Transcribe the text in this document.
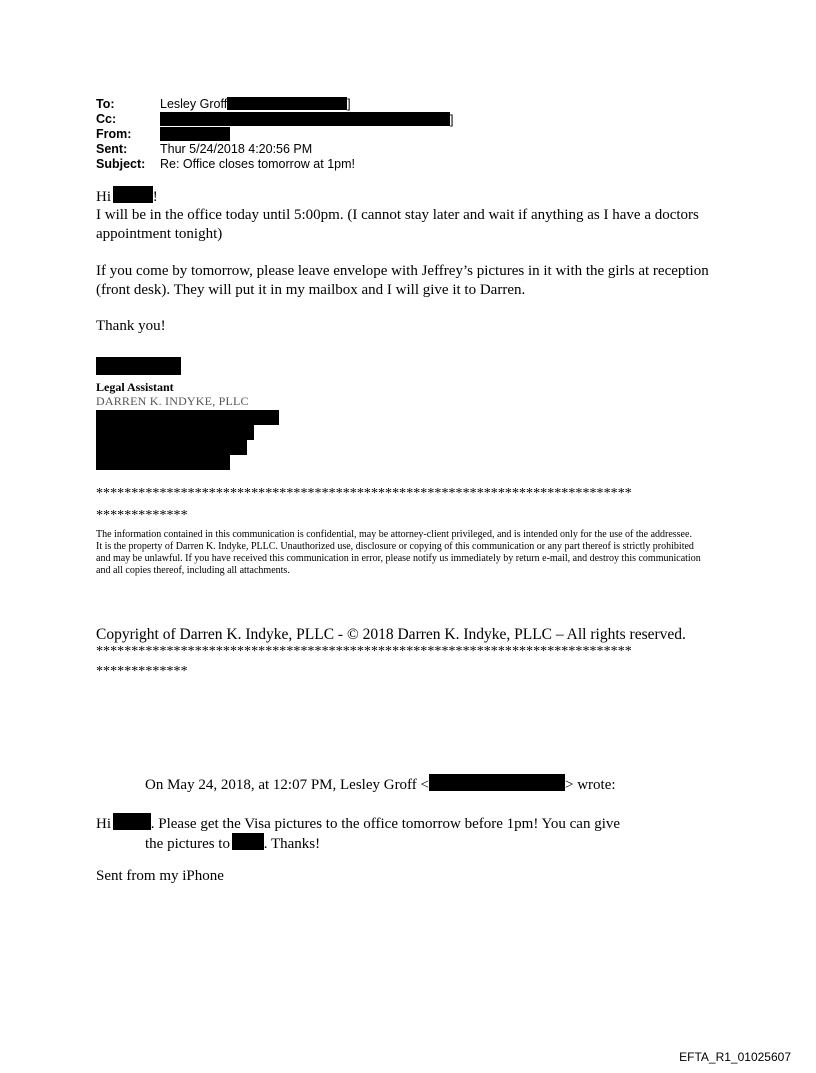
To:	Lesley Groff	]
Cc:	]
From:
Sent:	Thur 5/24/2018 4:20:56 PM
Subject: Re: Office closes tomorrow at 1pm!
Hi	!
I will be in the office today until 5:00pm. (I cannot stay later and wait if anything as I have a doctors appointment tonight)
If you come by tomorrow, please leave envelope with Jeffrey’s pictures in it with the girls at reception (front desk). They will put it in my mailbox and I will give it to Darren.
Thank you!
Legal Assistant
DARREN K. INDYKE, PLLC
****************************************************************************
*************

The information contained in this communication is confidential, may be attorney-client privileged, and is intended only for the use of the addressee.

It is the property of Darren K. Indyke, PLLC. Unauthorized use, disclosure or copying of this communication or any part thereof is strictly prohibited

and may be unlawful. If you have received this communication in error, please notify us immediately by return e-mail, and destroy this communication

and all copies thereof, including all attachments.

Copyright of Darren K. Indyke, PLLC - © 2018 Darren K. Indyke, PLLC – All rights reserved.
****************************************************************************
*************
On May 24, 2018, at 12:07 PM, Lesley Groff <	> wrote:
Hi	. Please get the Visa pictures to the office tomorrow before 1pm! You can give
the pictures to . Thanks!
Sent from my iPhone
EFTA_R1_01025607
